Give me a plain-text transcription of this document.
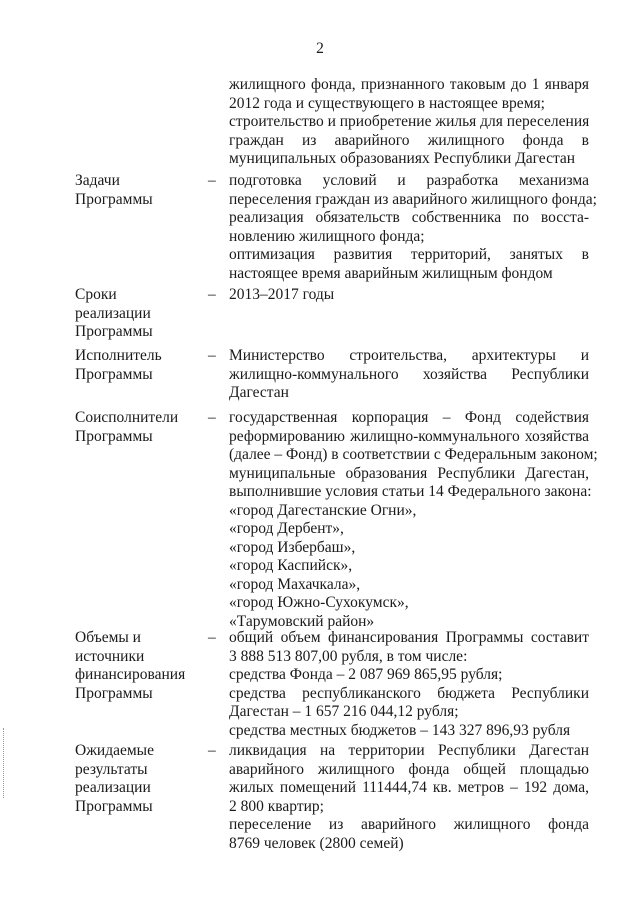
2
жилищного фонда, признанного таковым до 1 января
2012 года и существующего в настоящее время;
строительство и приобретение жилья для переселения
граждан из аварийного жилищного фонда в
муниципальных образованиях Республики Дагестан
Задачи
Программы
– подготовка условий и разработка механизма
переселения граждан из аварийного жилищного фонда;
реализация обязательств собственника по восста-
новлению жилищного фонда;
оптимизация развития территорий, занятых в
настоящее время аварийным жилищным фондом
Сроки
реализации
Программы
– 2013–2017 годы
Исполнитель
Программы
– Министерство строительства, архитектуры и
жилищно-коммунального хозяйства Республики
Дагестан
Соисполнители
Программы
– государственная корпорация – Фонд содействия
реформированию жилищно-коммунального хозяйства
(далее – Фонд) в соответствии с Федеральным законом;
муниципальные образования Республики Дагестан,
выполнившие условия статьи 14 Федерального закона:
«город Дагестанские Огни»,
«город Дербент»,
«город Избербаш»,
«город Каспийск»,
«город Махачкала»,
«город Южно-Сухокумск»,
«Тарумовский район»
Объемы и
источники
финансирования
Программы
– общий объем финансирования Программы составит
3 888 513 807,00 рубля, в том числе:
средства Фонда – 2 087 969 865,95 рубля;
средства республиканского бюджета Республики
Дагестан – 1 657 216 044,12 рубля;
средства местных бюджетов – 143 327 896,93 рубля
Ожидаемые
результаты
реализации
Программы
– ликвидация на территории Республики Дагестан
аварийного жилищного фонда общей площадью
жилых помещений 111444,74 кв. метров – 192 дома,
2 800 квартир;
переселение из аварийного жилищного фонда
8769 человек (2800 семей)
